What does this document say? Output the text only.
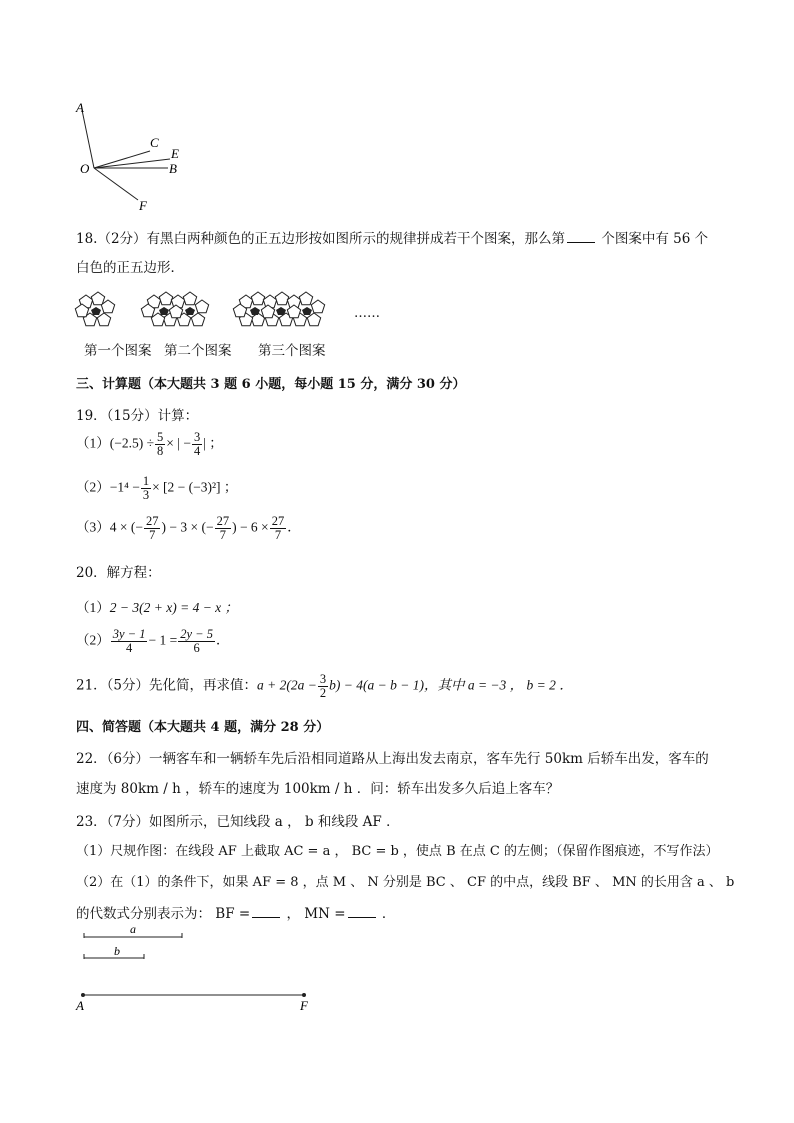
A
O
C
E
B
F
18.（2分）有黑白两种颜色的正五边形按如图所示的规律拼成若干个图案，那么第	个图案中有 56 个
白色的正五边形．
……
第一个图案 第二个图案 第三个图案
三、计算题（本大题共 3 题 6 小题，每小题 15 分，满分 30 分）
19．（15分）计算：
$(1)(-2.5) \div \frac{5}{8}$ × | − $\frac{3}{4}$ | ；
$(2)-1^4 - \frac{1}{3} \times [2 - (-3)^2]$ ；
（3）4 × (− $\frac{27}{7}$ ) − 3 × (− $\frac{27}{7}$ ) − $6 \times \frac{27}{7}$ ．
20．解方程：
（1）2 − 3(2 + x) = 4 − x ；
$(2) \frac{3y - 1}{4} - 1 = \frac{2y - 5}{6}$ ．
21．（5分）先化简，再求值：$a + 2(2a - \frac{3}{2} b) - 4(a - b - 1)$，其中 a = −3 ， b = 2 ．
四、简答题（本大题共 4 题，满分 28 分）
22．（6分）一辆客车和一辆轿车先后沿相同道路从上海出发去南京，客车先行 50km 后轿车出发，客车的
速度为 80km / h ，轿车的速度为 100km / h ．问：轿车出发多久后追上客车？
23．（7分）如图所示，已知线段 a ， b 和线段 AF ．
（1）尺规作图：在线段 AF 上截取 AC = a ， BC = b ，使点 B 在点 C 的左侧；（保留作图痕迹，不写作法）
（2）在（1）的条件下，如果 AF = 8 ，点 M 、 N 分别是 BC 、 CF 的中点，线段 BF 、 MN 的长用含 a 、 b
的代数式分别表示为： BF =	， MN =	．
a
b
A	F
